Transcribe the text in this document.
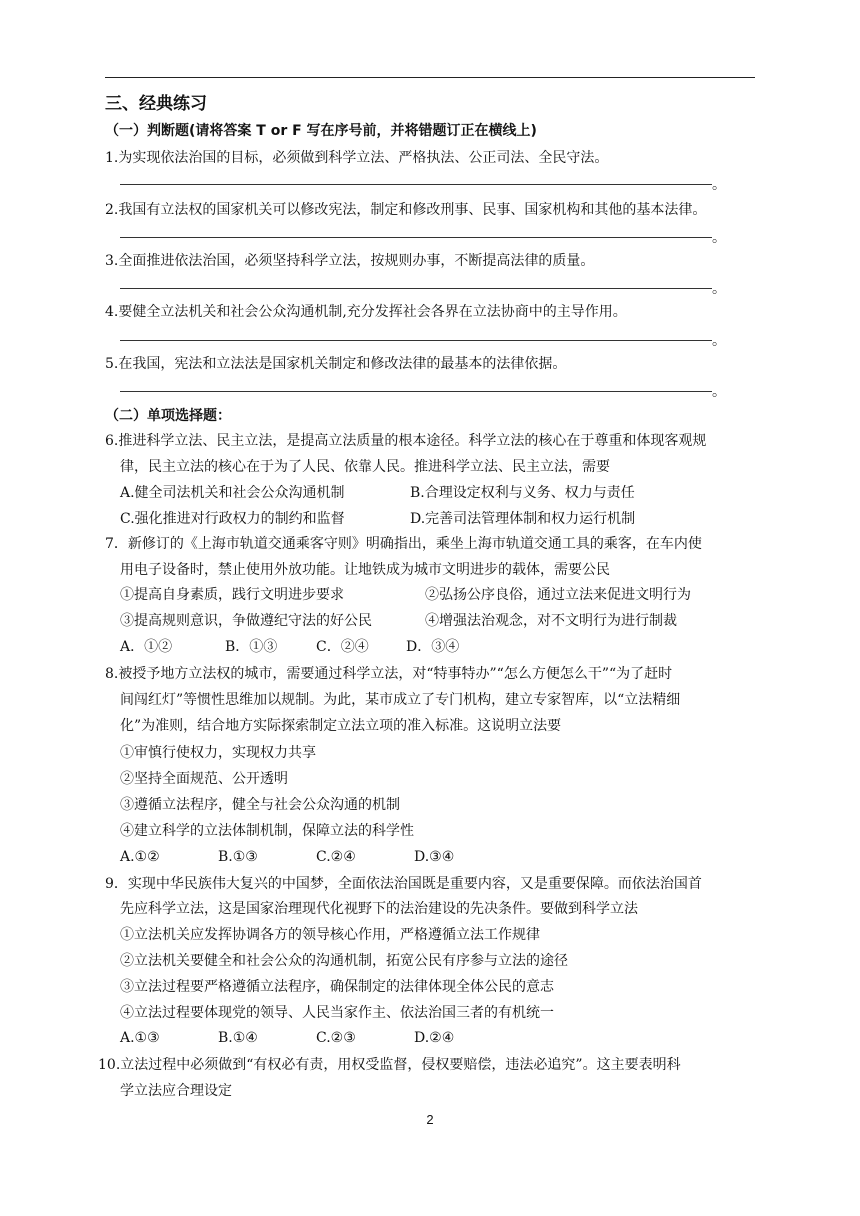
三、经典练习
（一）判断题(请将答案 T or F 写在序号前，并将错题订正在横线上)
1.为实现依法治国的目标，必须做到科学立法、严格执法、公正司法、全民守法。
。
2.我国有立法权的国家机关可以修改宪法，制定和修改刑事、民事、国家机构和其他的基本法律。
。
3.全面推进依法治国，必须坚持科学立法，按规则办事，不断提高法律的质量。
。
4.要健全立法机关和社会公众沟通机制,充分发挥社会各界在立法协商中的主导作用。
。
5.在我国，宪法和立法法是国家机关制定和修改法律的最基本的法律依据。
。
（二）单项选择题：
6.推进科学立法、民主立法，是提高立法质量的根本途径。科学立法的核心在于尊重和体现客观规
律，民主立法的核心在于为了人民、依靠人民。推进科学立法、民主立法，需要
A.健全司法机关和社会公众沟通机制	B.合理设定权利与义务、权力与责任
C.强化推进对行政权力的制约和监督	D.完善司法管理体制和权力运行机制
7．新修订的《上海市轨道交通乘客守则》明确指出，乘坐上海市轨道交通工具的乘客，在车内使
用电子设备时，禁止使用外放功能。让地铁成为城市文明进步的载体，需要公民
①提高自身素质，践行文明进步要求	②弘扬公序良俗，通过立法来促进文明行为
③提高规则意识，争做遵纪守法的好公民	④增强法治观念，对不文明行为进行制裁
A．①②	B．①③	C．②④	D．③④
8.被授予地方立法权的城市，需要通过科学立法，对“特事特办”“怎么方便怎么干”“为了赶时
间闯红灯”等惯性思维加以规制。为此，某市成立了专门机构，建立专家智库，以“立法精细
化”为准则，结合地方实际探索制定立法立项的准入标准。这说明立法要
①审慎行使权力，实现权力共享
②坚持全面规范、公开透明
③遵循立法程序，健全与社会公众沟通的机制
④建立科学的立法体制机制，保障立法的科学性
A.①②	B.①③	C.②④	D.③④
9．实现中华民族伟大复兴的中国梦，全面依法治国既是重要内容，又是重要保障。而依法治国首
先应科学立法，这是国家治理现代化视野下的法治建设的先决条件。要做到科学立法
①立法机关应发挥协调各方的领导核心作用，严格遵循立法工作规律
②立法机关要健全和社会公众的沟通机制，拓宽公民有序参与立法的途径
③立法过程要严格遵循立法程序，确保制定的法律体现全体公民的意志
④立法过程要体现党的领导、人民当家作主、依法治国三者的有机统一
A.①③	B.①④	C.②③	D.②④
10.立法过程中必须做到“有权必有责，用权受监督，侵权要赔偿，违法必追究”。这主要表明科
学立法应合理设定
2
